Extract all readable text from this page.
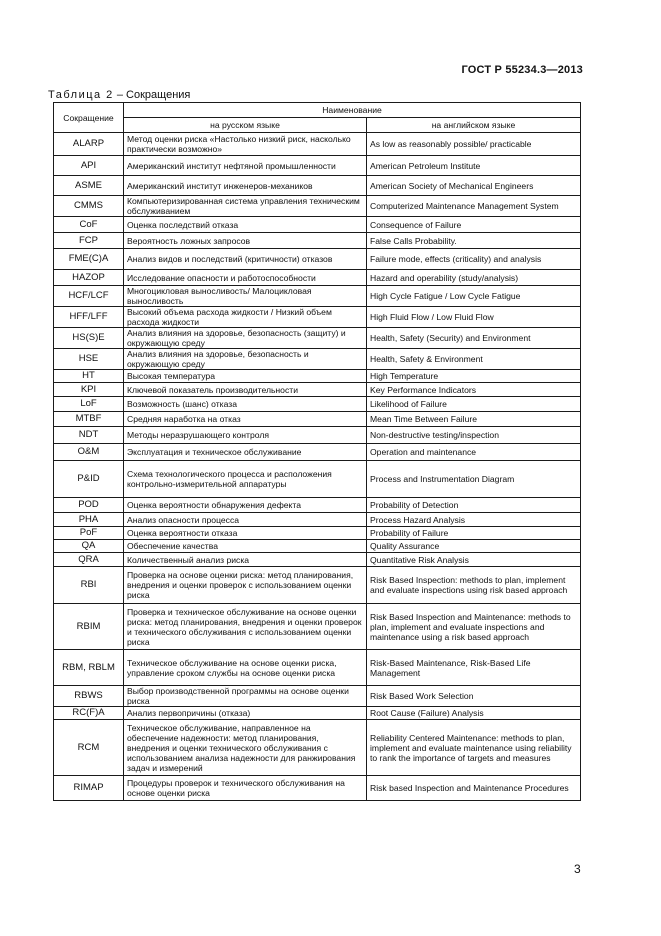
ГОСТ Р 55234.3—2013
Таблица 2 – Сокращения
Сокращение	Наименование	
	на русском языке	на английском языке
ALARP	Метод оценки риска «Настолько низкий риск, насколько практически возможно»	As low as reasonably possible/ practicable
API	Американский институт нефтяной промышленности	American Petroleum Institute
ASME	Американский институт инженеров-механиков	American Society of Mechanical Engineers
CMMS	Компьютеризированная система управления техническим обслуживанием	Computerized Maintenance Management System
CoF	Оценка последствий отказа	Consequence of Failure
FCP	Вероятность ложных запросов	False Calls Probability.
FME(C)A	Анализ видов и последствий (критичности) отказов	Failure mode, effects (criticality) and analysis
HAZOP	Исследование опасности и работоспособности	Hazard and operability (study/analysis)
HCF/LCF	Многоцикловая выносливость/ Малоцикловая выносливость	High Cycle Fatigue / Low Cycle Fatigue
HFF/LFF	Высокий объема расхода жидкости / Низкий объем расхода жидкости	High Fluid Flow / Low Fluid Flow
HS(S)E	Анализ влияния на здоровье, безопасность (защиту) и окружающую среду	Health, Safety (Security) and Environment
HSE	Анализ влияния на здоровье, безопасность и окружающую среду	Health, Safety & Environment
HT	Высокая температура	High Temperature
KPI	Ключевой показатель производительности	Key Performance Indicators
LoF	Возможность (шанс) отказа	Likelihood of Failure
MTBF	Средняя наработка на отказ	Mean Time Between Failure
NDT	Методы неразрушающего контроля	Non-destructive testing/inspection
O&M	Эксплуатация и техническое обслуживание	Operation and maintenance
P&ID	Схема технологического процесса и расположения контрольно-измерительной аппаратуры	Process and Instrumentation Diagram
POD	Оценка вероятности обнаружения дефекта	Probability of Detection
PHA	Анализ опасности процесса	Process Hazard Analysis
PoF	Оценка вероятности отказа	Probability of Failure
QA	Обеспечение качества	Quality Assurance
QRA	Количественный анализ риска	Quantitative Risk Analysis
RBI	Проверка на основе оценки риска: метод планирования, внедрения и оценки проверок с использованием оценки риска	Risk Based Inspection: methods to plan, implement and evaluate inspections using risk based approach
RBIM	Проверка и техническое обслуживание на основе оценки риска: метод планирования, внедрения и оценки проверок и технического обслуживания с использованием оценки риска	Risk Based Inspection and Maintenance: methods to plan, implement and evaluate inspections and maintenance using a risk based approach
RBM, RBLM	Техническое обслуживание на основе оценки риска, управление сроком службы на основе оценки риска	Risk-Based Maintenance, Risk-Based Life Management
RBWS	Выбор производственной программы на основе оценки риска	Risk Based Work Selection
RC(F)A	Анализ первопричины (отказа)	Root Cause (Failure) Analysis
RCM	Техническое обслуживание, направленное на обеспечение надежности: метод планирования, внедрения и оценки технического обслуживания с использованием анализа надежности для ранжирования задач и измерений	Reliability Centered Maintenance: methods to plan, implement and evaluate maintenance using reliability to rank the importance of targets and measures
RIMAP	Процедуры проверок и технического обслуживания на основе оценки риска	Risk based Inspection and Maintenance Procedures
3
